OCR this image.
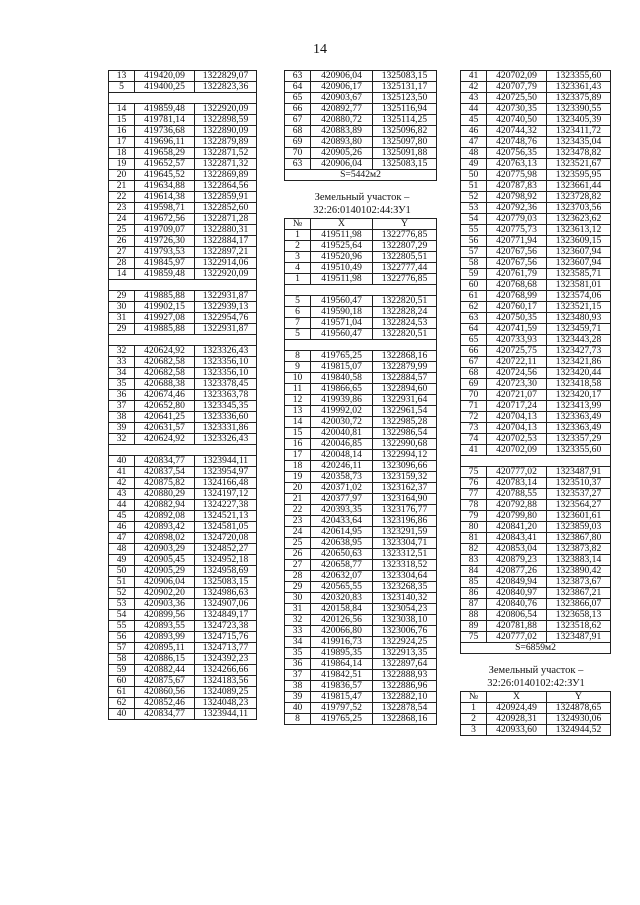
14
13	419420,09	1322829,07
5	419400,25	1322823,36

14	419859,48	1322920,09
15	419781,14	1322898,59
16	419736,68	1322890,09
17	419696,11	1322879,89
18	419658,29	1322871,52
19	419652,57	1322871,32
20	419645,52	1322869,89
21	419634,88	1322864,56
22	419614,38	1322859,91
23	419598,71	1322852,60
24	419672,56	1322871,28
25	419709,07	1322880,31
26	419726,30	1322884,17
27	419793,53	1322897,21
28	419845,97	1322914,06
14	419859,48	1322920,09

29	419885,88	1322931,87
30	419902,15	1322939,13
31	419927,08	1322954,76
29	419885,88	1322931,87

32	420624,92	1323326,43
33	420682,58	1323356,10
34	420682,58	1323356,10
35	420688,38	1323378,45
36	420674,46	1323363,78
37	420652,80	1323345,35
38	420641,25	1323336,60
39	420631,57	1323331,86
32	420624,92	1323326,43

40	420834,77	1323944,11
41	420837,54	1323954,97
42	420875,82	1324166,48
43	420880,29	1324197,12
44	420882,94	1324227,38
45	420892,08	1324521,13
46	420893,42	1324581,05
47	420898,02	1324720,08
48	420903,29	1324852,27
49	420905,45	1324952,18
50	420905,29	1324958,69
51	420906,04	1325083,15
52	420902,20	1324986,63
53	420903,36	1324907,06
54	420899,56	1324849,17
55	420893,55	1324723,38
56	420893,99	1324715,76
57	420895,11	1324713,77
58	420886,15	1324392,23
59	420882,44	1324266,66
60	420875,67	1324183,56
61	420860,56	1324089,25
62	420852,46	1324048,23
40	420834,77	1323944,11
63	420906,04	1325083,15
64	420906,17	1325131,17
65	420903,67	1325123,50
66	420892,77	1325116,94
67	420880,72	1325114,25
68	420883,89	1325096,82
69	420893,80	1325097,80
70	420905,26	1325091,88
63	420906,04	1325083,15
S=5442м2		
Земельный участок –
32:26:0140102:44:ЗУ1
№	X	Y
1	419511,98	1322776,85
2	419525,64	1322807,29
3	419520,96	1322805,51
4	419510,49	1322777,44
1	419511,98	1322776,85

5	419560,47	1322820,51
6	419590,18	1322828,24
7	419571,04	1322824,53
5	419560,47	1322820,51

8	419765,25	1322868,16
9	419815,07	1322879,99
10	419840,58	1322884,57
11	419866,65	1322894,60
12	419939,86	1322931,64
13	419992,02	1322961,54
14	420030,72	1322985,28
15	420040,81	1322986,54
16	420046,85	1322990,68
17	420048,14	1322994,12
18	420246,11	1323096,66
19	420358,73	1323159,32
20	420371,02	1323162,37
21	420377,97	1323164,90
22	420393,35	1323176,77
23	420433,64	1323196,86
24	420614,95	1323291,59
25	420638,95	1323304,71
26	420650,63	1323312,51
27	420658,77	1323318,52
28	420632,07	1323304,64
29	420565,55	1323268,35
30	420320,83	1323140,32
31	420158,84	1323054,23
32	420126,56	1323038,10
33	420066,80	1323006,76
34	419916,73	1322924,25
35	419895,35	1322913,35
36	419864,14	1322897,64
37	419842,51	1322888,93
38	419836,57	1322886,96
39	419815,47	1322882,10
40	419797,52	1322878,54
8	419765,25	1322868,16
41	420702,09	1323355,60
42	420707,79	1323361,43
43	420725,50	1323375,89
44	420730,35	1323390,55
45	420740,50	1323405,39
46	420744,32	1323411,72
47	420748,76	1323435,04
48	420756,35	1323478,82
49	420763,13	1323521,67
50	420775,98	1323595,95
51	420787,83	1323661,44
52	420798,92	1323728,82
53	420792,36	1323703,56
54	420779,03	1323623,62
55	420775,73	1323613,12
56	420771,94	1323609,15
57	420767,56	1323607,94
58	420767,56	1323607,94
59	420761,79	1323585,71
60	420768,68	1323581,01
61	420768,99	1323574,06
62	420760,17	1323521,15
63	420750,35	1323480,93
64	420741,59	1323459,71
65	420733,93	1323443,28
66	420725,75	1323427,73
67	420722,11	1323421,86
68	420724,56	1323420,44
69	420723,30	1323418,58
70	420721,07	1323420,17
71	420717,24	1323413,99
72	420704,13	1323363,49
73	420704,13	1323363,49
74	420702,53	1323357,29
41	420702,09	1323355,60

75	420777,02	1323487,91
76	420783,14	1323510,37
77	420788,55	1323537,27
78	420792,88	1323564,27
79	420799,80	1323601,61
80	420841,20	1323859,03
81	420843,41	1323867,80
82	420853,04	1323873,82
83	420879,23	1323883,14
84	420877,26	1323890,42
85	420849,94	1323873,67
86	420840,97	1323867,21
87	420840,76	1323866,07
88	420806,54	1323658,13
89	420781,88	1323518,62
75	420777,02	1323487,91
S=6859м2		
Земельный участок –
32:26:0140102:42:ЗУ1
№	X	Y
1	420924,49	1324878,65
2	420928,31	1324930,06
3	420933,60	1324944,52
